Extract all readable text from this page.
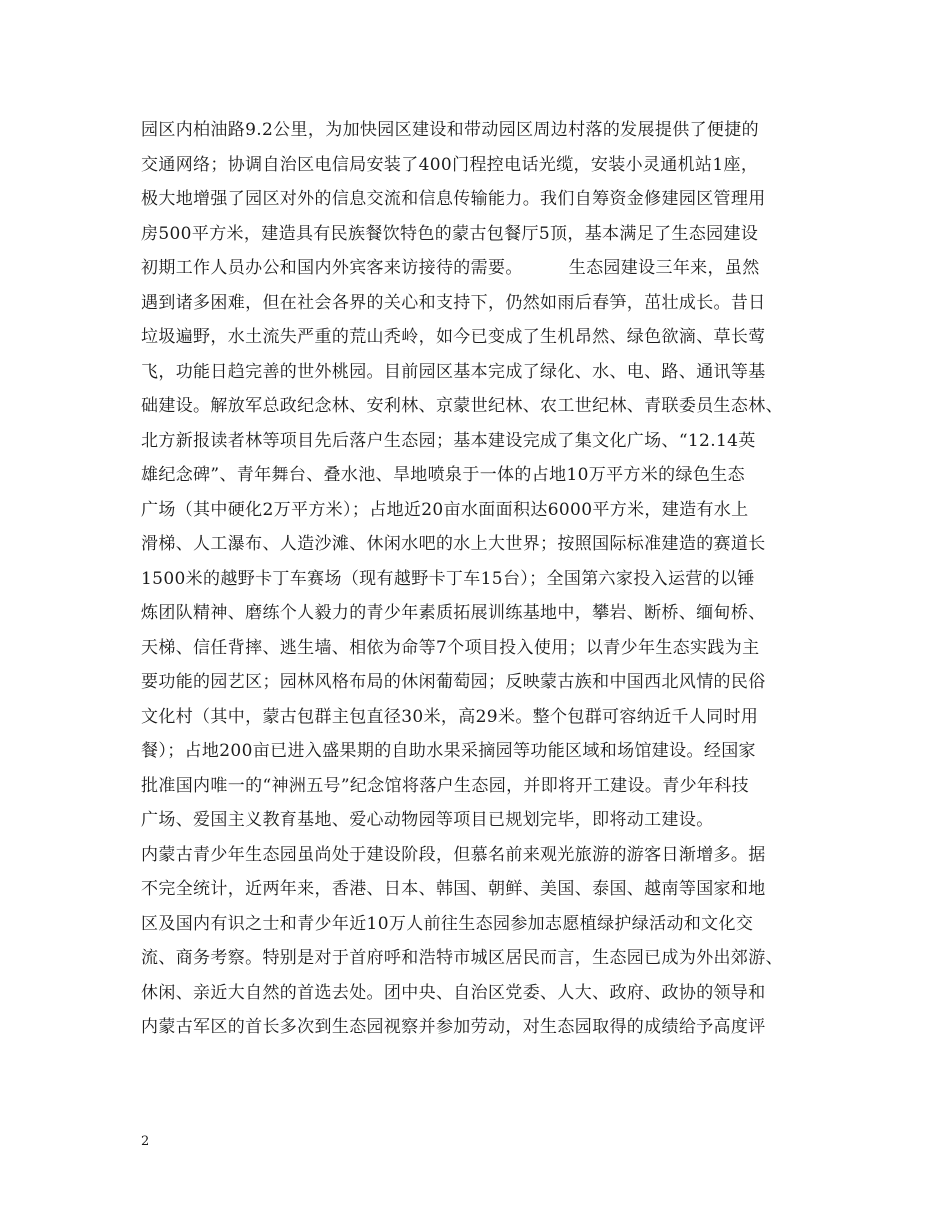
园区内柏油路9.2公里，为加快园区建设和带动园区周边村落的发展提供了便捷的
交通网络；协调自治区电信局安装了400门程控电话光缆，安装小灵通机站1座，
极大地增强了园区对外的信息交流和信息传输能力。我们自筹资金修建园区管理用
房500平方米，建造具有民族餐饮特色的蒙古包餐厅5顶，基本满足了生态园建设
初期工作人员办公和国内外宾客来访接待的需要。        生态园建设三年来，虽然
遇到诸多困难，但在社会各界的关心和支持下，仍然如雨后春笋，茁壮成长。昔日
垃圾遍野，水土流失严重的荒山秃岭，如今已变成了生机昂然、绿色欲滴、草长莺
飞，功能日趋完善的世外桃园。目前园区基本完成了绿化、水、电、路、通讯等基
础建设。解放军总政纪念林、安利林、京蒙世纪林、农工世纪林、青联委员生态林、
北方新报读者林等项目先后落户生态园；基本建设完成了集文化广场、“12.14英
雄纪念碑”、青年舞台、叠水池、旱地喷泉于一体的占地10万平方米的绿色生态
广场（其中硬化2万平方米）；占地近20亩水面面积达6000平方米，建造有水上
滑梯、人工瀑布、人造沙滩、休闲水吧的水上大世界；按照国际标准建造的赛道长
1500米的越野卡丁车赛场（现有越野卡丁车15台）；全国第六家投入运营的以锤
炼团队精神、磨练个人毅力的青少年素质拓展训练基地中，攀岩、断桥、缅甸桥、
天梯、信任背摔、逃生墙、相依为命等7个项目投入使用；以青少年生态实践为主
要功能的园艺区；园林风格布局的休闲葡萄园；反映蒙古族和中国西北风情的民俗
文化村（其中，蒙古包群主包直径30米，高29米。整个包群可容纳近千人同时用
餐）；占地200亩已进入盛果期的自助水果采摘园等功能区域和场馆建设。经国家
批准国内唯一的“神洲五号”纪念馆将落户生态园，并即将开工建设。青少年科技
广场、爱国主义教育基地、爱心动物园等项目已规划完毕，即将动工建设。
内蒙古青少年生态园虽尚处于建设阶段，但慕名前来观光旅游的游客日渐增多。据
不完全统计，近两年来，香港、日本、韩国、朝鲜、美国、泰国、越南等国家和地
区及国内有识之士和青少年近10万人前往生态园参加志愿植绿护绿活动和文化交
流、商务考察。特别是对于首府呼和浩特市城区居民而言，生态园已成为外出郊游、
休闲、亲近大自然的首选去处。团中央、自治区党委、人大、政府、政协的领导和
内蒙古军区的首长多次到生态园视察并参加劳动，对生态园取得的成绩给予高度评
2
